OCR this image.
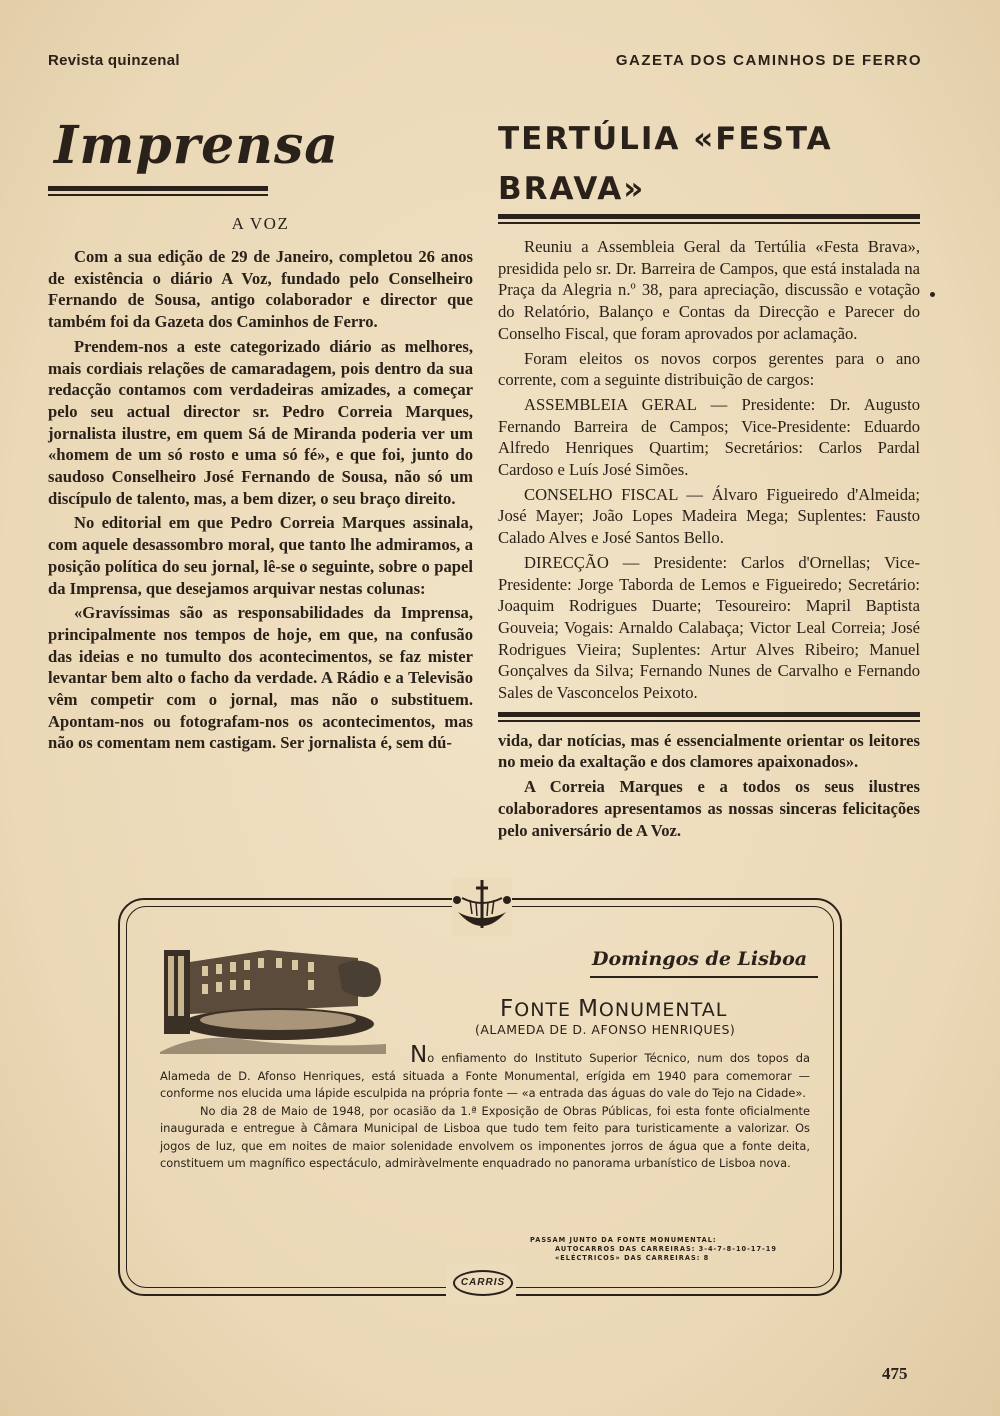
Revista quinzenal	GAZETA DOS CAMINHOS DE FERRO
Imprensa
A VOZ

Com a sua edição de 29 de Janeiro, completou 26 anos de existência o diário A Voz, fundado pelo Conselheiro Fernando de Sousa, antigo colaborador e director que também foi da Gazeta dos Caminhos de Ferro.

Prendem-nos a este categorizado diário as melhores, mais cordiais relações de camaradagem, pois dentro da sua redacção contamos com verdadeiras amizades, a começar pelo seu actual director sr. Pedro Correia Marques, jornalista ilustre, em quem Sá de Miranda poderia ver um «homem de um só rosto e uma só fé», e que foi, junto do saudoso Conselheiro José Fernando de Sousa, não só um discípulo de talento, mas, a bem dizer, o seu braço direito.

No editorial em que Pedro Correia Marques assinala, com aquele desassombro moral, que tanto lhe admiramos, a posição política do seu jornal, lê-se o seguinte, sobre o papel da Imprensa, que desejamos arquivar nestas colunas:

«Gravíssimas são as responsabilidades da Imprensa, principalmente nos tempos de hoje, em que, na confusão das ideias e no tumulto dos acontecimentos, se faz mister levantar bem alto o facho da verdade. A Rádio e a Televisão vêm competir com o jornal, mas não o substituem. Apontam-nos ou fotografam-nos os acontecimentos, mas não os comentam nem castigam. Ser jornalista é, sem dú-

TERTÚLIA «FESTA BRAVA»

Reuniu a Assembleia Geral da Tertúlia «Festa Brava», presidida pelo sr. Dr. Barreira de Campos, que está instalada na Praça da Alegria n.º 38, para apreciação, discussão e votação do Relatório, Balanço e Contas da Direcção e Parecer do Conselho Fiscal, que foram aprovados por aclamação.

Foram eleitos os novos corpos gerentes para o ano corrente, com a seguinte distribuição de cargos:

ASSEMBLEIA GERAL — Presidente: Dr. Augusto Fernando Barreira de Campos; Vice-Presidente: Eduardo Alfredo Henriques Quartim; Secretários: Carlos Pardal Cardoso e Luís José Simões.

CONSELHO FISCAL — Álvaro Figueiredo d'Almeida; José Mayer; João Lopes Madeira Mega; Suplentes: Fausto Calado Alves e José Santos Bello.

DIRECÇÃO — Presidente: Carlos d'Ornellas; Vice-Presidente: Jorge Taborda de Lemos e Figueiredo; Secretário: Joaquim Rodrigues Duarte; Tesoureiro: Mapril Baptista Gouveia; Vogais: Arnaldo Calabaça; Victor Leal Correia; José Rodrigues Vieira; Suplentes: Artur Alves Ribeiro; Manuel Gonçalves da Silva; Fernando Nunes de Carvalho e Fernando Sales de Vasconcelos Peixoto.

vida, dar notícias, mas é essencialmente orientar os leitores no meio da exaltação e dos clamores apaixonados».

A Correia Marques e a todos os seus ilustres colaboradores apresentamos as nossas sinceras felicitações pelo aniversário de A Voz.

Domingos de Lisboa
FONTE MONUMENTAL
(ALAMEDA DE D. AFONSO HENRIQUES)

No enfiamento do Instituto Superior Técnico, num dos topos da Alameda de D. Afonso Henriques, está situada a Fonte Monumental, erígida em 1940 para comemorar — conforme nos elucida uma lápide esculpida na própria fonte — «a entrada das águas do vale do Tejo na Cidade».

No dia 28 de Maio de 1948, por ocasião da 1.ª Exposição de Obras Públicas, foi esta fonte oficialmente inaugurada e entregue à Câmara Municipal de Lisboa que tudo tem feito para turisticamente a valorizar. Os jogos de luz, que em noites de maior solenidade envolvem os imponentes jorros de água que a fonte deita, constituem um magnífico espectáculo, admiràvelmente enquadrado no panorama urbanístico de Lisboa nova.

PASSAM JUNTO DA FONTE MONUMENTAL:
AUTOCARROS DAS CARREIRAS: 3-4-7-8-10-17-19
«ELÉCTRICOS» DAS CARREIRAS: 8
CARRIS
475
